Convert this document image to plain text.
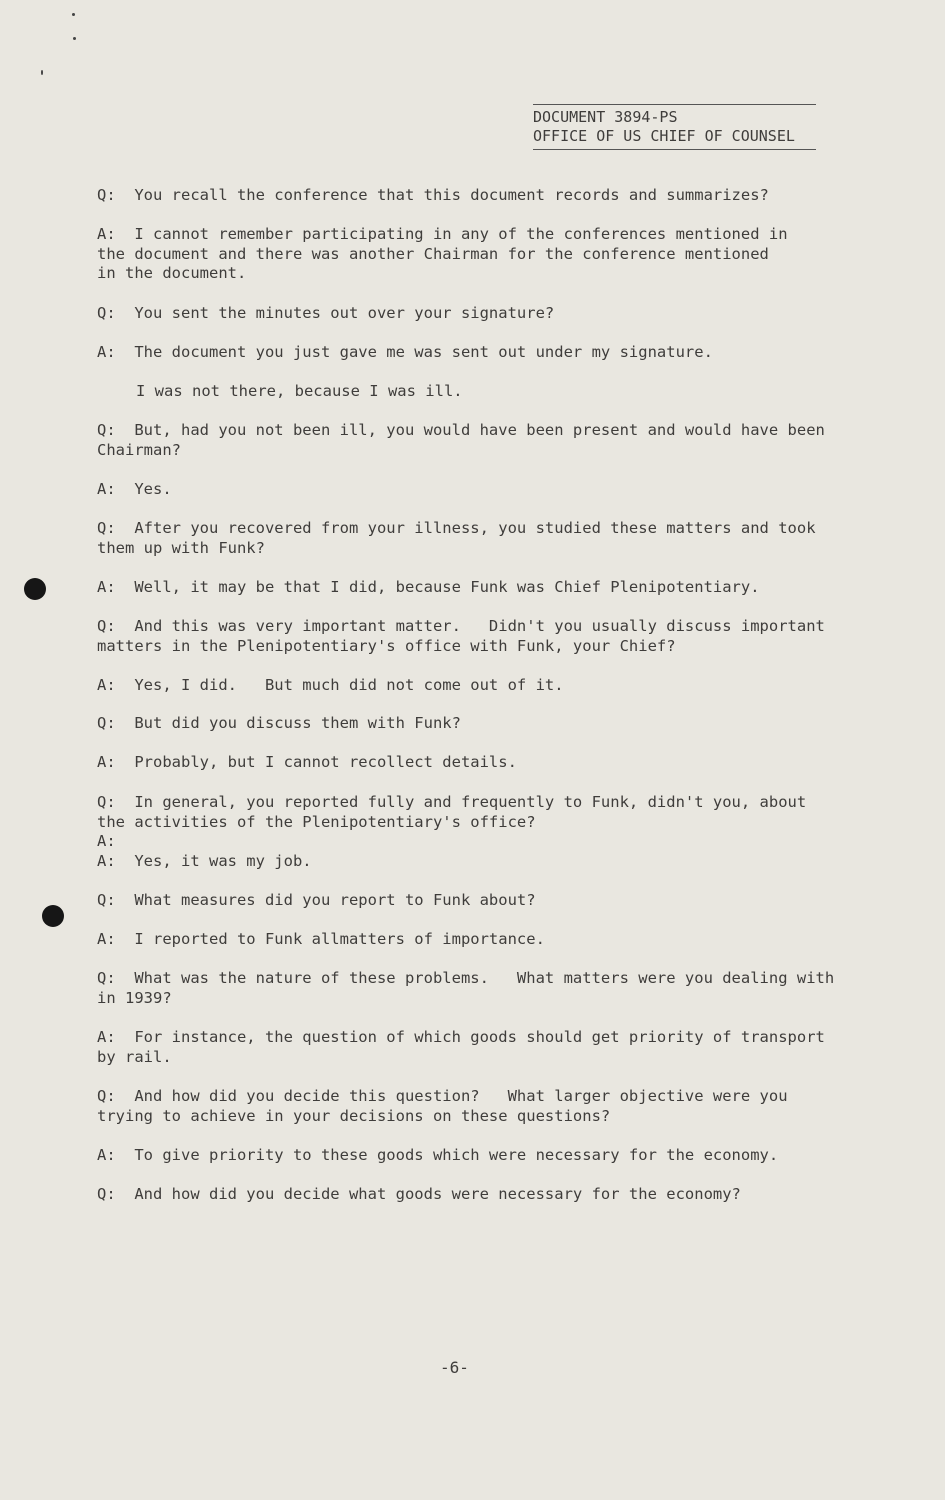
DOCUMENT 3894-PS
OFFICE OF US CHIEF OF COUNSEL
Q:  You recall the conference that this document records and summarizes?
A:  I cannot remember participating in any of the conferences mentioned in
the document and there was another Chairman for the conference mentioned
in the document.
Q:  You sent the minutes out over your signature?
A:  The document you just gave me was sent out under my signature.
I was not there, because I was ill.
Q:  But, had you not been ill, you would have been present and would have been
Chairman?
A:  Yes.
Q:  After you recovered from your illness, you studied these matters and took
them up with Funk?
A:  Well, it may be that I did, because Funk was Chief Plenipotentiary.
Q:  And this was very important matter.   Didn't you usually discuss important
matters in the Plenipotentiary's office with Funk, your Chief?
A:  Yes, I did.   But much did not come out of it.
Q:  But did you discuss them with Funk?
A:  Probably, but I cannot recollect details.
Q:  In general, you reported fully and frequently to Funk, didn't you, about
the activities of the Plenipotentiary's office?
A:
A:  Yes, it was my job.
Q:  What measures did you report to Funk about?
A:  I reported to Funk allmatters of importance.
Q:  What was the nature of these problems.   What matters were you dealing with
in 1939?
A:  For instance, the question of which goods should get priority of transport
by rail.
Q:  And how did you decide this question?   What larger objective were you
trying to achieve in your decisions on these questions?
A:  To give priority to these goods which were necessary for the economy.
Q:  And how did you decide what goods were necessary for the economy?
-6-
